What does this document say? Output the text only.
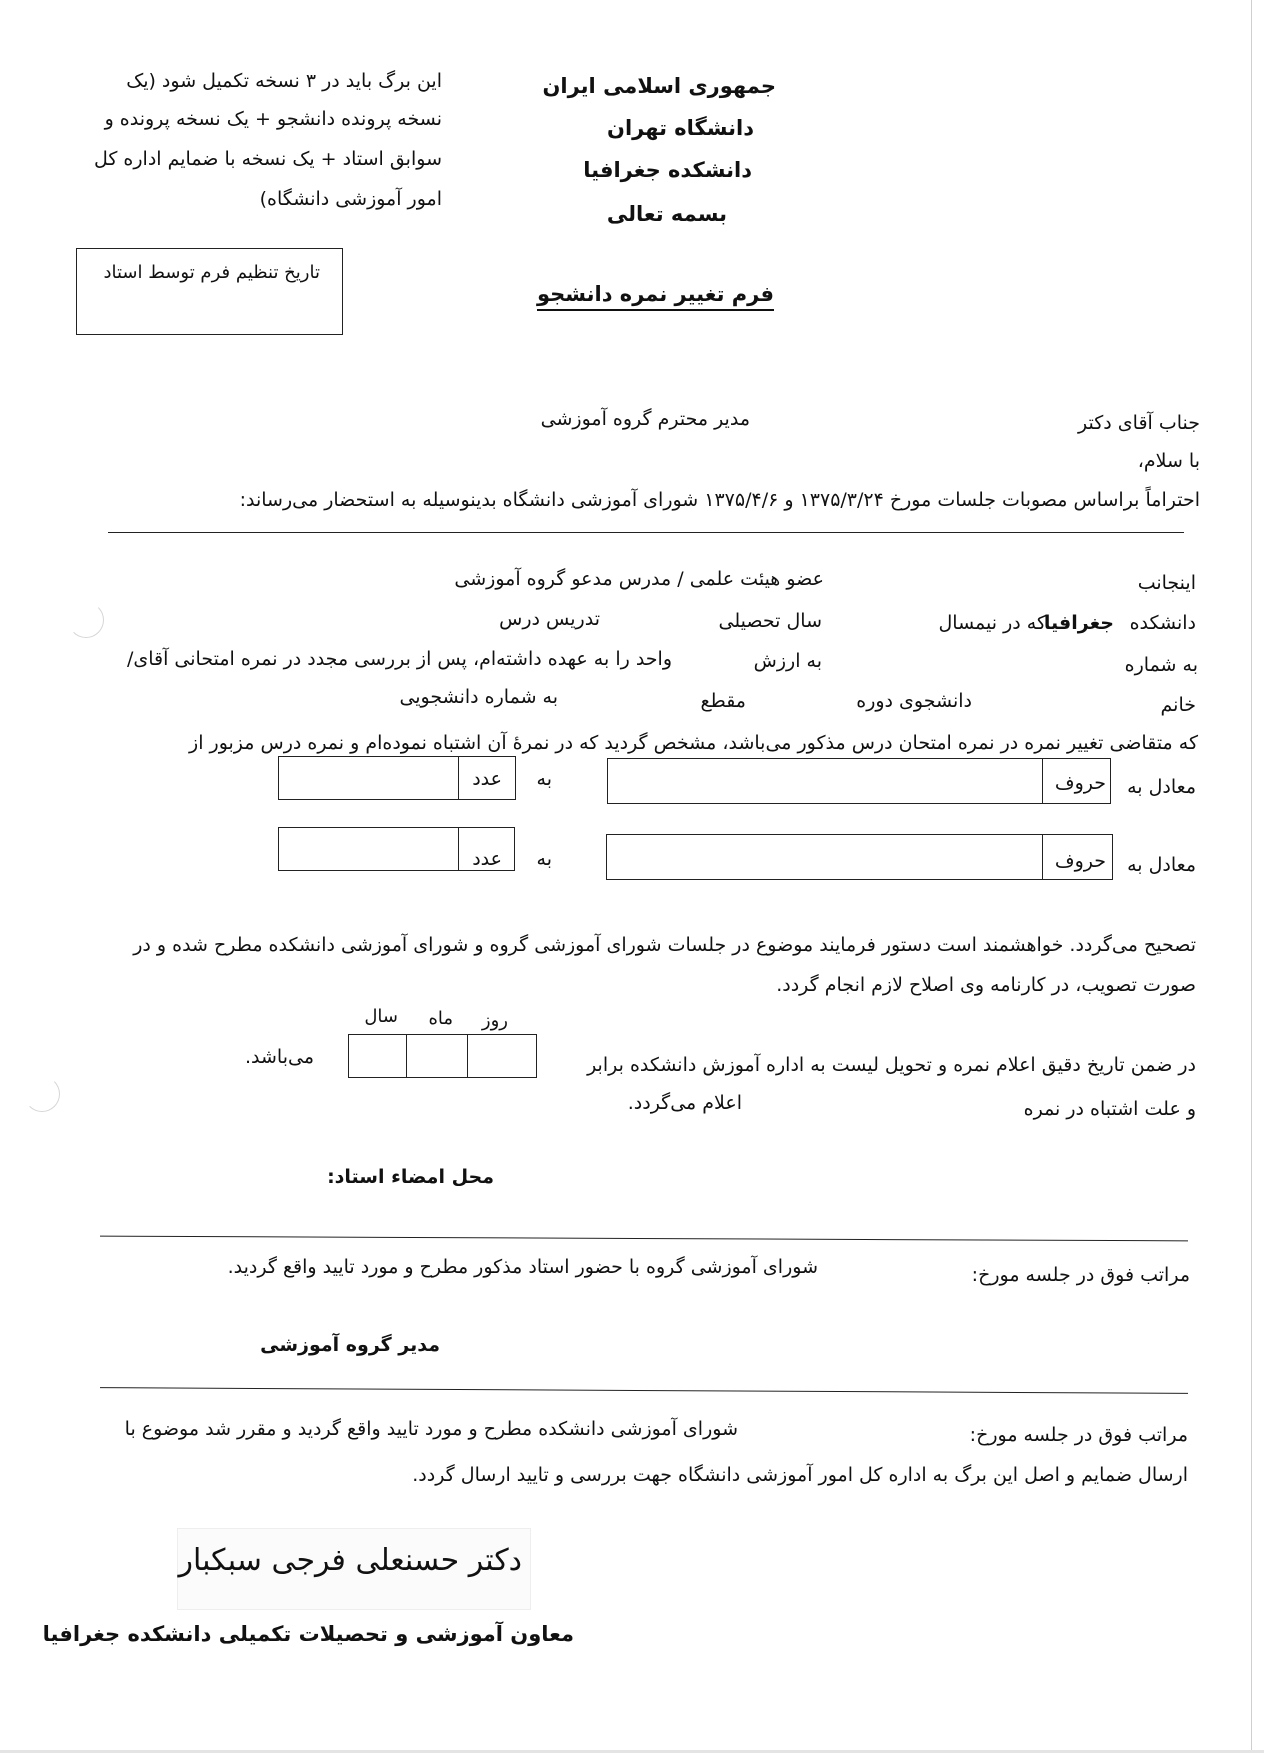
این برگ باید در ۳ نسخه تکمیل شود (یک
نسخه پرونده دانشجو + یک نسخه پرونده و
سوابق استاد + یک نسخه با ضمایم اداره کل
امور آموزشی دانشگاه)
جمهوری اسلامی ایران
دانشگاه تهران
دانشکده جغرافیا
بسمه تعالی
فرم تغییر نمره دانشجو
تاریخ تنظیم فرم توسط استاد
جناب آقای دکتر
مدیر محترم گروه آموزشی
با سلام،
احتراماً براساس مصوبات جلسات مورخ ۱۳۷۵/۳/۲۴ و ۱۳۷۵/۴/۶ شورای آموزشی دانشگاه بدینوسیله به استحضار می‌رساند:
اینجانب
عضو هیئت علمی / مدرس مدعو گروه آموزشی
دانشکده
جغرافیا
که در نیمسال
سال تحصیلی
تدریس درس
به شماره
به ارزش
واحد را به عهده داشته‌ام، پس از بررسی مجدد در نمره امتحانی آقای/
خانم
دانشجوی دوره
مقطع
به شماره دانشجویی
که متقاضی تغییر نمره در نمره امتحان درس مذکور می‌باشد، مشخص گردید که در نمرهٔ آن اشتباه نموده‌ام و نمره درس مزبور از
معادل به
حروف
به
عدد
معادل به
حروف
به
عدد
تصحیح می‌گردد. خواهشمند است دستور فرمایند موضوع در جلسات شورای آموزشی گروه و شورای آموزشی دانشکده مطرح شده و در
صورت تصویب، در کارنامه وی اصلاح لازم انجام گردد.
روز
ماه
سال
در ضمن تاریخ دقیق اعلام نمره و تحویل لیست به اداره آموزش دانشکده برابر
می‌باشد.
و علت اشتباه در نمره
اعلام می‌گردد.
محل امضاء استاد:
مراتب فوق در جلسه مورخ:
شورای آموزشی گروه با حضور استاد مذکور مطرح و مورد تایید واقع گردید.
مدیر گروه آموزشی
مراتب فوق در جلسه مورخ:
شورای آموزشی دانشکده مطرح و مورد تایید واقع گردید و مقرر شد موضوع با
ارسال ضمایم و اصل این برگ به اداره کل امور آموزشی دانشگاه جهت بررسی و تایید ارسال گردد.
دکتر حسنعلی فرجی سبکبار
معاون آموزشی و تحصیلات تکمیلی دانشکده جغرافیا
